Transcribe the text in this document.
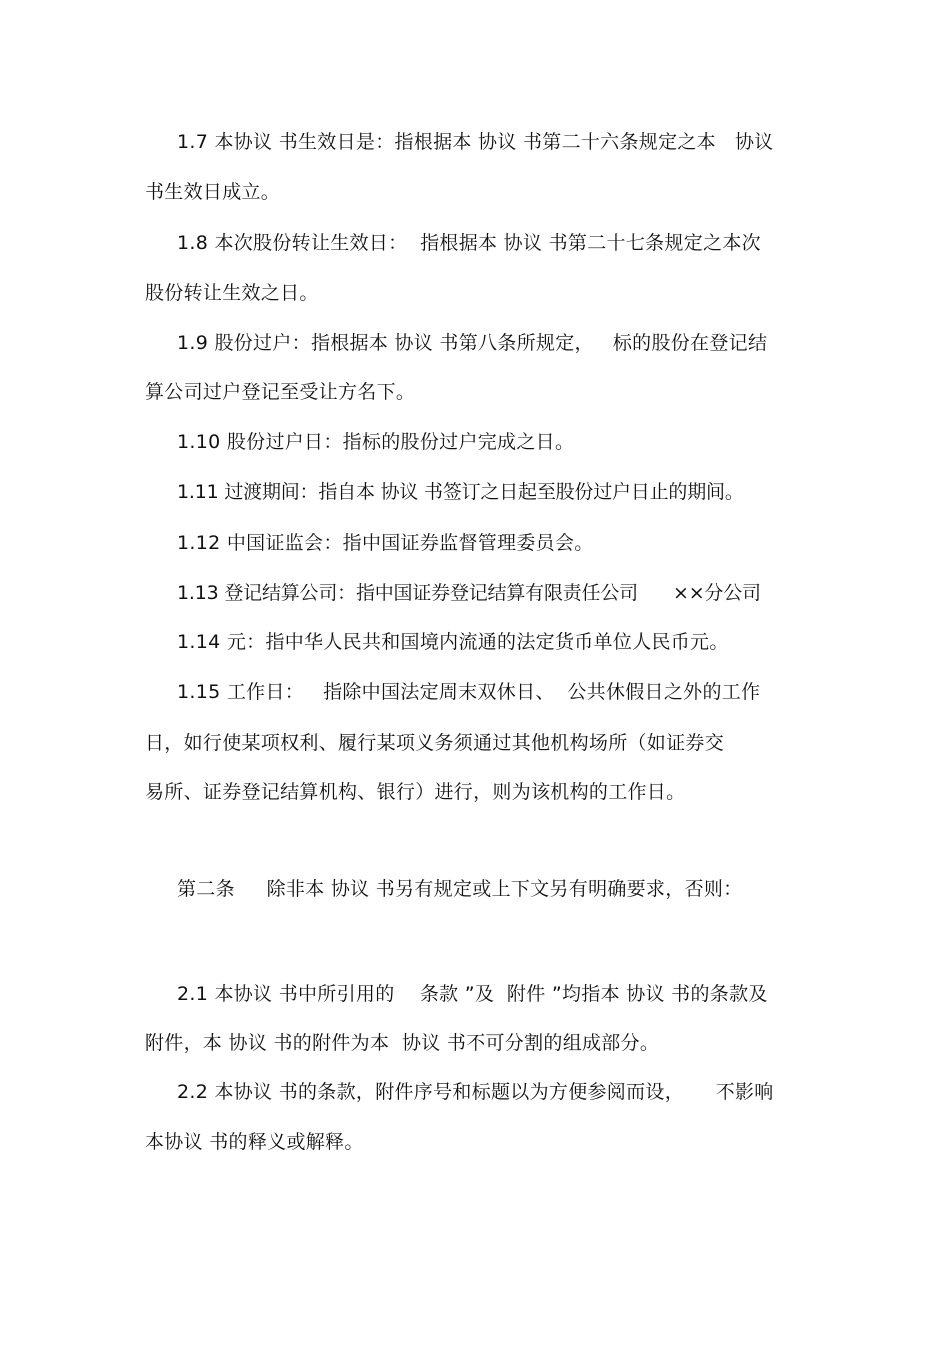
1.7 本协议 书生效日是：指根据本 协议 书第二十六条规定之本   协议
书生效日成立。
1.8 本次股份转让生效日：  指根据本 协议 书第二十七条规定之本次
股份转让生效之日。
1.9 股份过户：指根据本 协议 书第八条所规定，   标的股份在登记结
算公司过户登记至受让方名下。
1.10 股份过户日：指标的股份过户完成之日。
1.11 过渡期间：指自本 协议 书签订之日起至股份过户日止的期间。
1.12 中国证监会：指中国证券监督管理委员会。
1.13 登记结算公司：指中国证券登记结算有限责任公司      ××分公司
1.14 元：指中华人民共和国境内流通的法定货币单位人民币元。
1.15 工作日：   指除中国法定周末双休日、  公共休假日之外的工作
日，如行使某项权利、履行某项义务须通过其他机构场所（如证券交
易所、证券登记结算机构、银行）进行，则为该机构的工作日。
第二条     除非本 协议 书另有规定或上下文另有明确要求，否则：
2.1 本协议 书中所引用的    条款 ”及  附件 ”均指本 协议 书的条款及
附件，本 协议 书的附件为本  协议 书不可分割的组成部分。
2.2 本协议 书的条款，附件序号和标题以为方便参阅而设，     不影响
本协议 书的释义或解释。
